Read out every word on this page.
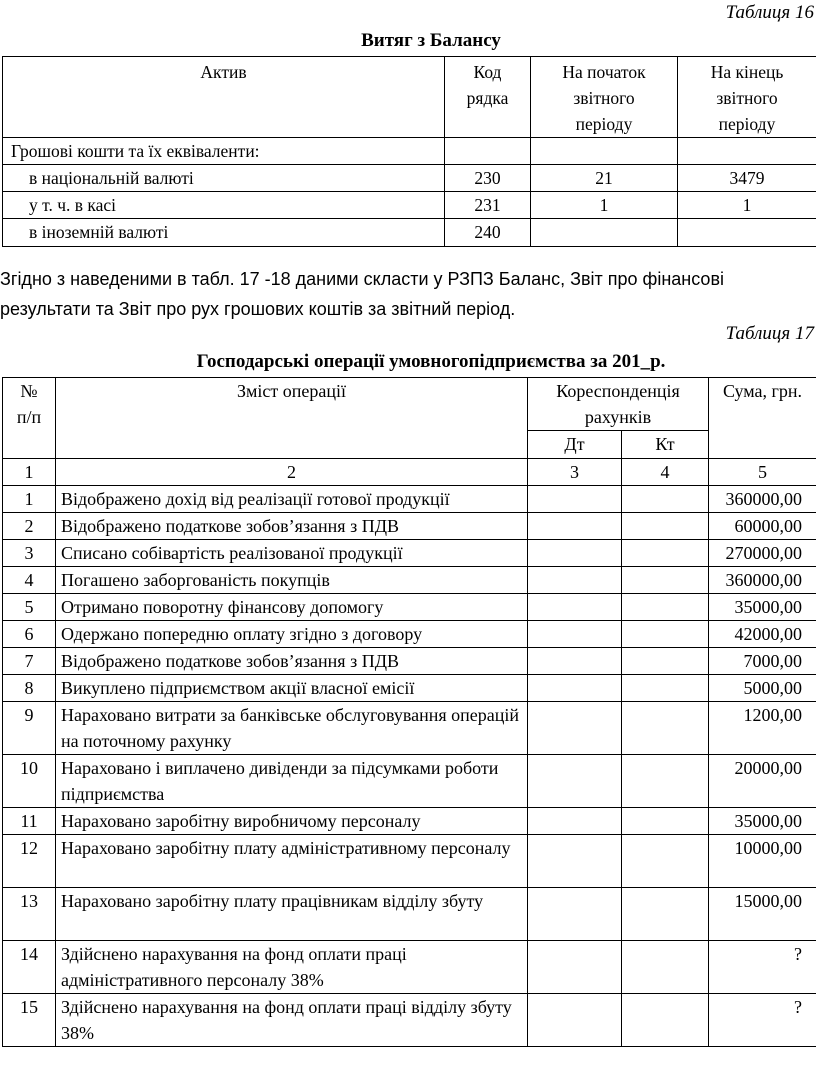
Таблиця 16
Витяг з Балансу
Актив	Код рядка	На початок звітного періоду	На кінець звітного періоду
Грошові кошти та їх еквіваленти:			
в національній валюті	230	21	3479
у т. ч. в касі	231	1	1
в іноземній валюті	240		
Згідно з наведеними в табл. 17 -18 даними скласти у РЗПЗ Баланс, Звіт про фінансові результати та Звіт про рух грошових коштів за звітний період.
Таблиця 17
Господарські операції умовногопідприємства за 201_р.
№ п/п	Зміст операції	Кореспонденція рахунків		Сума, грн.
		Дт	Кт	
1	2	3	4	5
1	Відображено дохід від реалізації готової продукції			360000,00
2	Відображено податкове зобов’язання з ПДВ			60000,00
3	Списано собівартість реалізованої продукції			270000,00
4	Погашено заборгованість покупців			360000,00
5	Отримано поворотну фінансову допомогу			35000,00
6	Одержано попередню оплату згідно з договору			42000,00
7	Відображено податкове зобов’язання з ПДВ			7000,00
8	Викуплено підприємством акції власної емісії			5000,00
9	Нараховано витрати за банківське обслуговування операцій на поточному рахунку			1200,00
10	Нараховано і виплачено дивіденди за підсумками роботи підприємства			20000,00
11	Нараховано заробітну виробничому персоналу			35000,00
12	Нараховано заробітну плату адміністративному персоналу			10000,00
13	Нараховано заробітну плату працівникам відділу збуту			15000,00
14	Здійснено нарахування на фонд оплати праці адміністративного персоналу 38%			?
15	Здійснено нарахування на фонд оплати праці відділу збуту 38%			?
